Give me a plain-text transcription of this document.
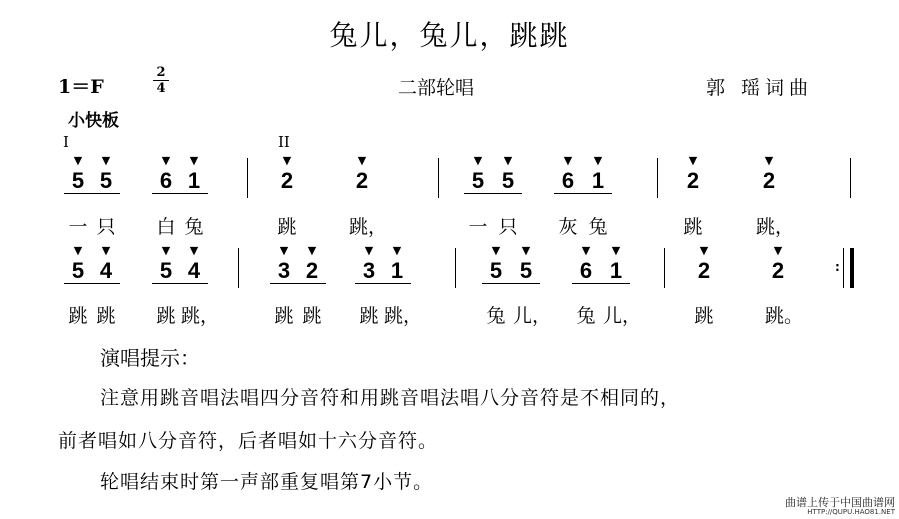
兔儿，兔儿，跳跳
1＝F
2
4	二部轮唱	郭 瑶词曲
小快板
I	II
▼
5
▼
5
▼
6
▼
1
▼
2
▼
2
▼
5
▼
5
▼
6
▼
1
▼
2
▼
2
一 只 白 兔	跳	跳，	一 只 灰 兔	跳	跳，
▼
5
▼
4
▼
5
▼
4
▼
3
▼
2
▼
3
▼
1
▼
5
▼
5
▼
6
▼
1
▼
2
▼
2
跳 跳 跳 跳，	跳 跳 跳 跳，	兔 儿， 兔 儿，	跳	跳。
:
演唱提示：
注意用跳音唱法唱四分音符和用跳音唱法唱八分音符是不相同的，
前者唱如八分音符，后者唱如十六分音符。
轮唱结束时第一声部重复唱第7小节。
曲谱上传于中国曲谱网
HTTP://QUPU.HAO81.NET
